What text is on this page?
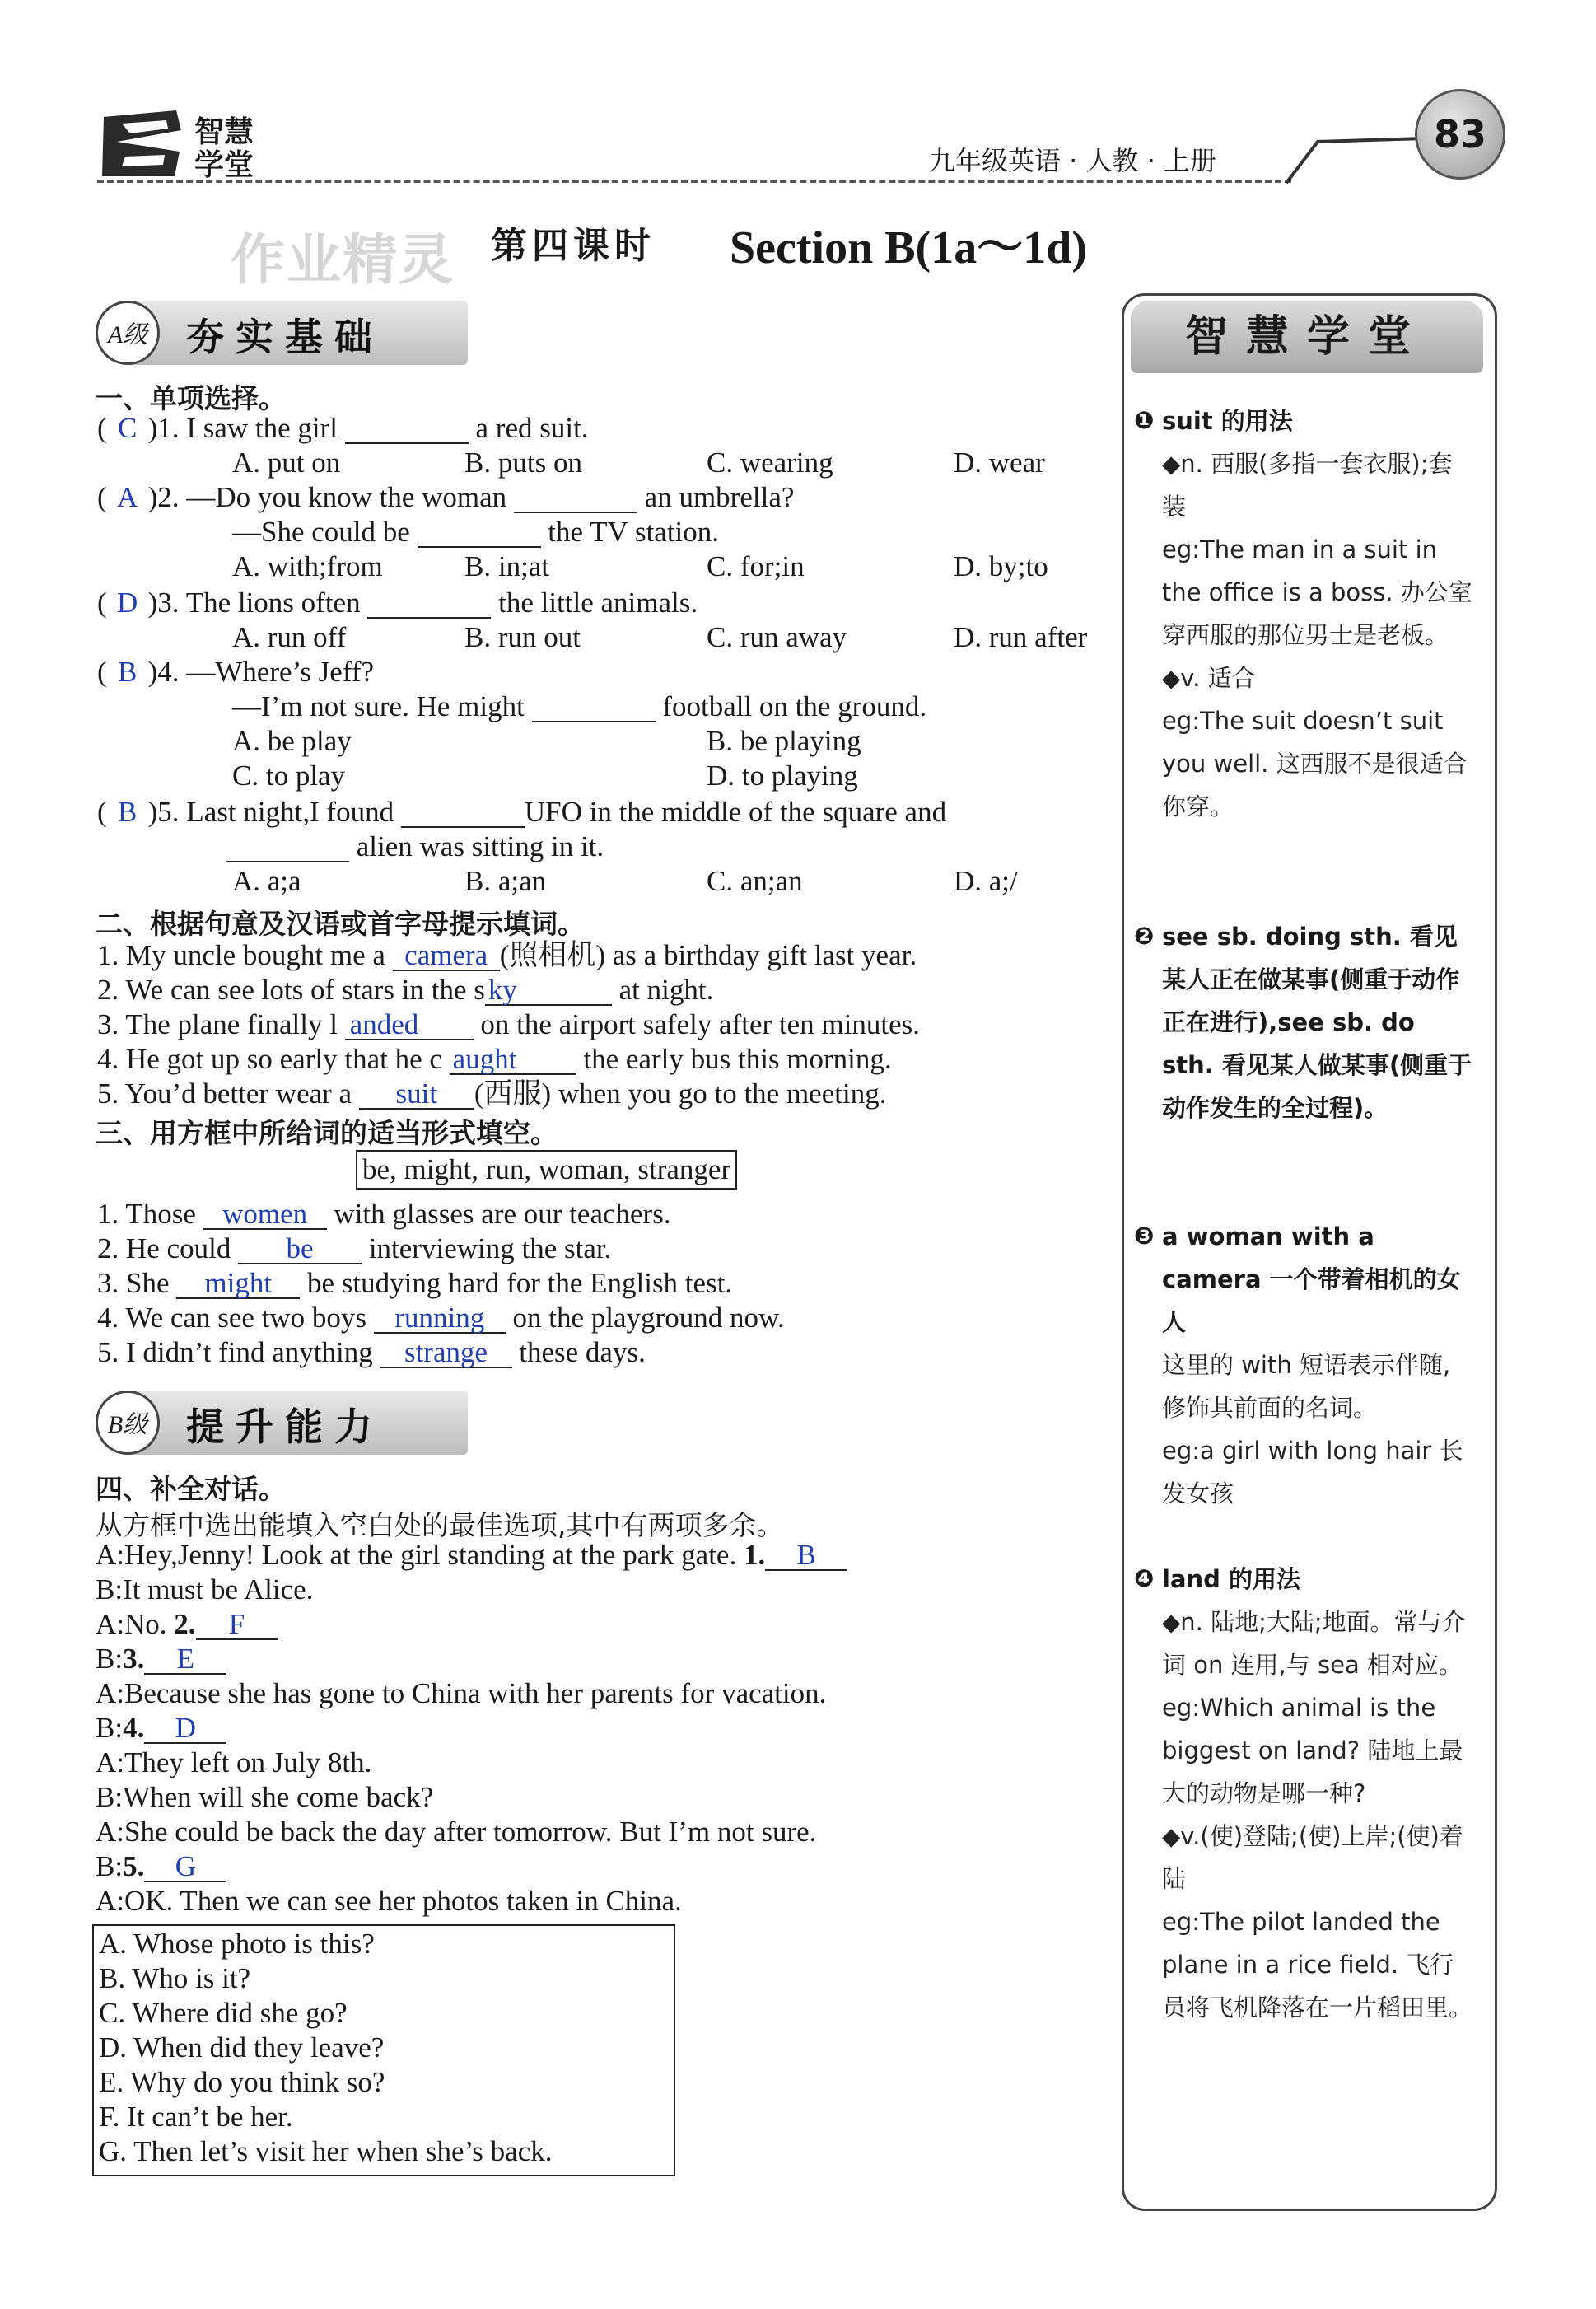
智慧
学堂	九年级英语 · 人教 · 上册
83
作业精灵 第四课时 Section B(1a～1d)
A级	夯实基础
一、单项选择。
( C )1. I saw the girl	a red suit.
A. put on	B. puts on	C. wearing	D. wear
( A )2. —Do you know the woman	an umbrella?
—She could be	the TV station.
A. with;from	B. in;at	C. for;in	D. by;to
( D )3. The lions often	the little animals.
A. run off	B. run out	C. run away	D. run after
( B )4. —Where’s Jeff?
—I’m not sure. He might	football on the ground.
A. be play	B. be playing
C. to play	D. to playing
( B )5. Last night,I found	UFO in the middle of the square and
alien was sitting in it.
A. a;a	B. a;an	C. an;an	D. a;/
二、根据句意及汉语或首字母提示填词。
1. My uncle bought me a camera (照相机) as a birthday gift last year.
2. We can see lots of stars in the s ky	at night.
3. The plane finally l anded on the airport safely after ten minutes.
4. He got up so early that he c aught the early bus this morning.
5. You’d better wear a suit (西服) when you go to the meeting.
三、用方框中所给词的适当形式填空。
be, might, run, woman, stranger
1. Those women with glasses are our teachers.
2. He could be interviewing the star.
3. She might be studying hard for the English test.
4. We can see two boys running on the playground now.
5. I didn’t find anything strange these days.
B级	提升能力
四、补全对话。
从方框中选出能填入空白处的最佳选项,其中有两项多余。
A:Hey,Jenny! Look at the girl standing at the park gate. 1. B
B:It must be Alice.
A:No. 2. F
B:3. E
A:Because she has gone to China with her parents for vacation.
B:4. D
A:They left on July 8th.
B:When will she come back?
A:She could be back the day after tomorrow. But I’m not sure.
B:5. G
A:OK. Then we can see her photos taken in China.
A. Whose photo is this?
B. Who is it?
C. Where did she go?
D. When did they leave?
E. Why do you think so?
F. It can’t be her.
G. Then let’s visit her when she’s back.
智慧学堂
❶ suit 的用法
◆n. 西服(多指一套衣服);套装
eg:The man in a suit in the office is a boss. 办公室穿西服的那位男士是老板。
◆v. 适合
eg:The suit doesn’t suit you well. 这西服不是很适合你穿。
❷ see sb. doing sth. 看见某人正在做某事(侧重于动作正在进行),see sb. do sth. 看见某人做某事(侧重于动作发生的全过程)。
❸ a woman with a camera 一个带着相机的女人
这里的 with 短语表示伴随,修饰其前面的名词。
eg:a girl with long hair 长发女孩
❹ land 的用法
◆n. 陆地;大陆;地面。常与介词 on 连用,与 sea 相对应。
eg:Which animal is the biggest on land? 陆地上最大的动物是哪一种?
◆v.(使)登陆;(使)上岸;(使)着陆
eg:The pilot landed the plane in a rice field. 飞行员将飞机降落在一片稻田里。
